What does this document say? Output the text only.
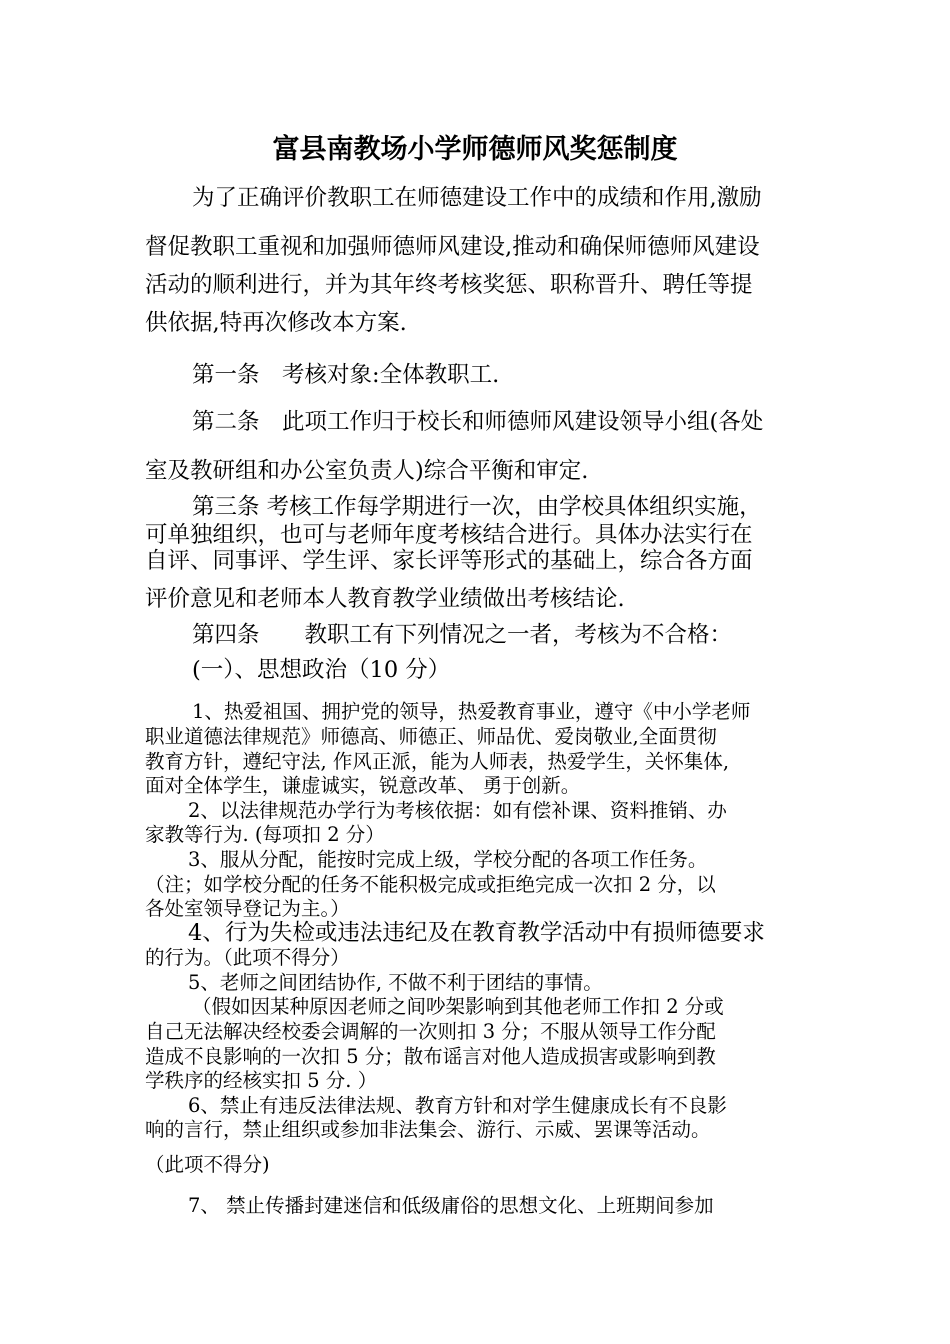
富县南教场小学师德师风奖惩制度
为了正确评价教职工在师德建设工作中的成绩和作用,激励
督促教职工重视和加强师德师风建设,推动和确保师德师风建设
活动的顺利进行，并为其年终考核奖惩、职称晋升、聘任等提
供依据,特再次修改本方案.
第一条　考核对象:全体教职工.
第二条　此项工作归于校长和师德师风建设领导小组(各处
室及教研组和办公室负责人)综合平衡和审定.
第三条 考核工作每学期进行一次，由学校具体组织实施，
可单独组织，也可与老师年度考核结合进行。具体办法实行在
自评、同事评、学生评、家长评等形式的基础上，综合各方面
评价意见和老师本人教育教学业绩做出考核结论.
第四条　　教职工有下列情况之一者，考核为不合格：
(一）、思想政治（10 分）
1、热爱祖国、拥护党的领导，热爱教育事业，遵守《中小学老师
职业道德法律规范》师德高、师德正、师品优、爱岗敬业,全面贯彻
教育方针，遵纪守法, 作风正派，能为人师表，热爱学生，关怀集体,
面对全体学生，谦虚诚实，锐意改革、 勇于创新。
2、以法律规范办学行为考核依据：如有偿补课、资料推销、办
家教等行为. (每项扣 2 分）
3、服从分配，能按时完成上级，学校分配的各项工作任务。
（注；如学校分配的任务不能积极完成或拒绝完成一次扣 2 分，以
各处室领导登记为主。）
4、行为失检或违法违纪及在教育教学活动中有损师德要求
的行为。（此项不得分）
5、老师之间团结协作, 不做不利于团结的事情。
（假如因某种原因老师之间吵架影响到其他老师工作扣 2 分或
自己无法解决经校委会调解的一次则扣 3 分；不服从领导工作分配
造成不良影响的一次扣 5 分；散布谣言对他人造成损害或影响到教
学秩序的经核实扣 5 分. ）
6、禁止有违反法律法规、教育方针和对学生健康成长有不良影
响的言行，禁止组织或参加非法集会、游行、示威、罢课等活动。
（此项不得分)
7、 禁止传播封建迷信和低级庸俗的思想文化、上班期间参加
